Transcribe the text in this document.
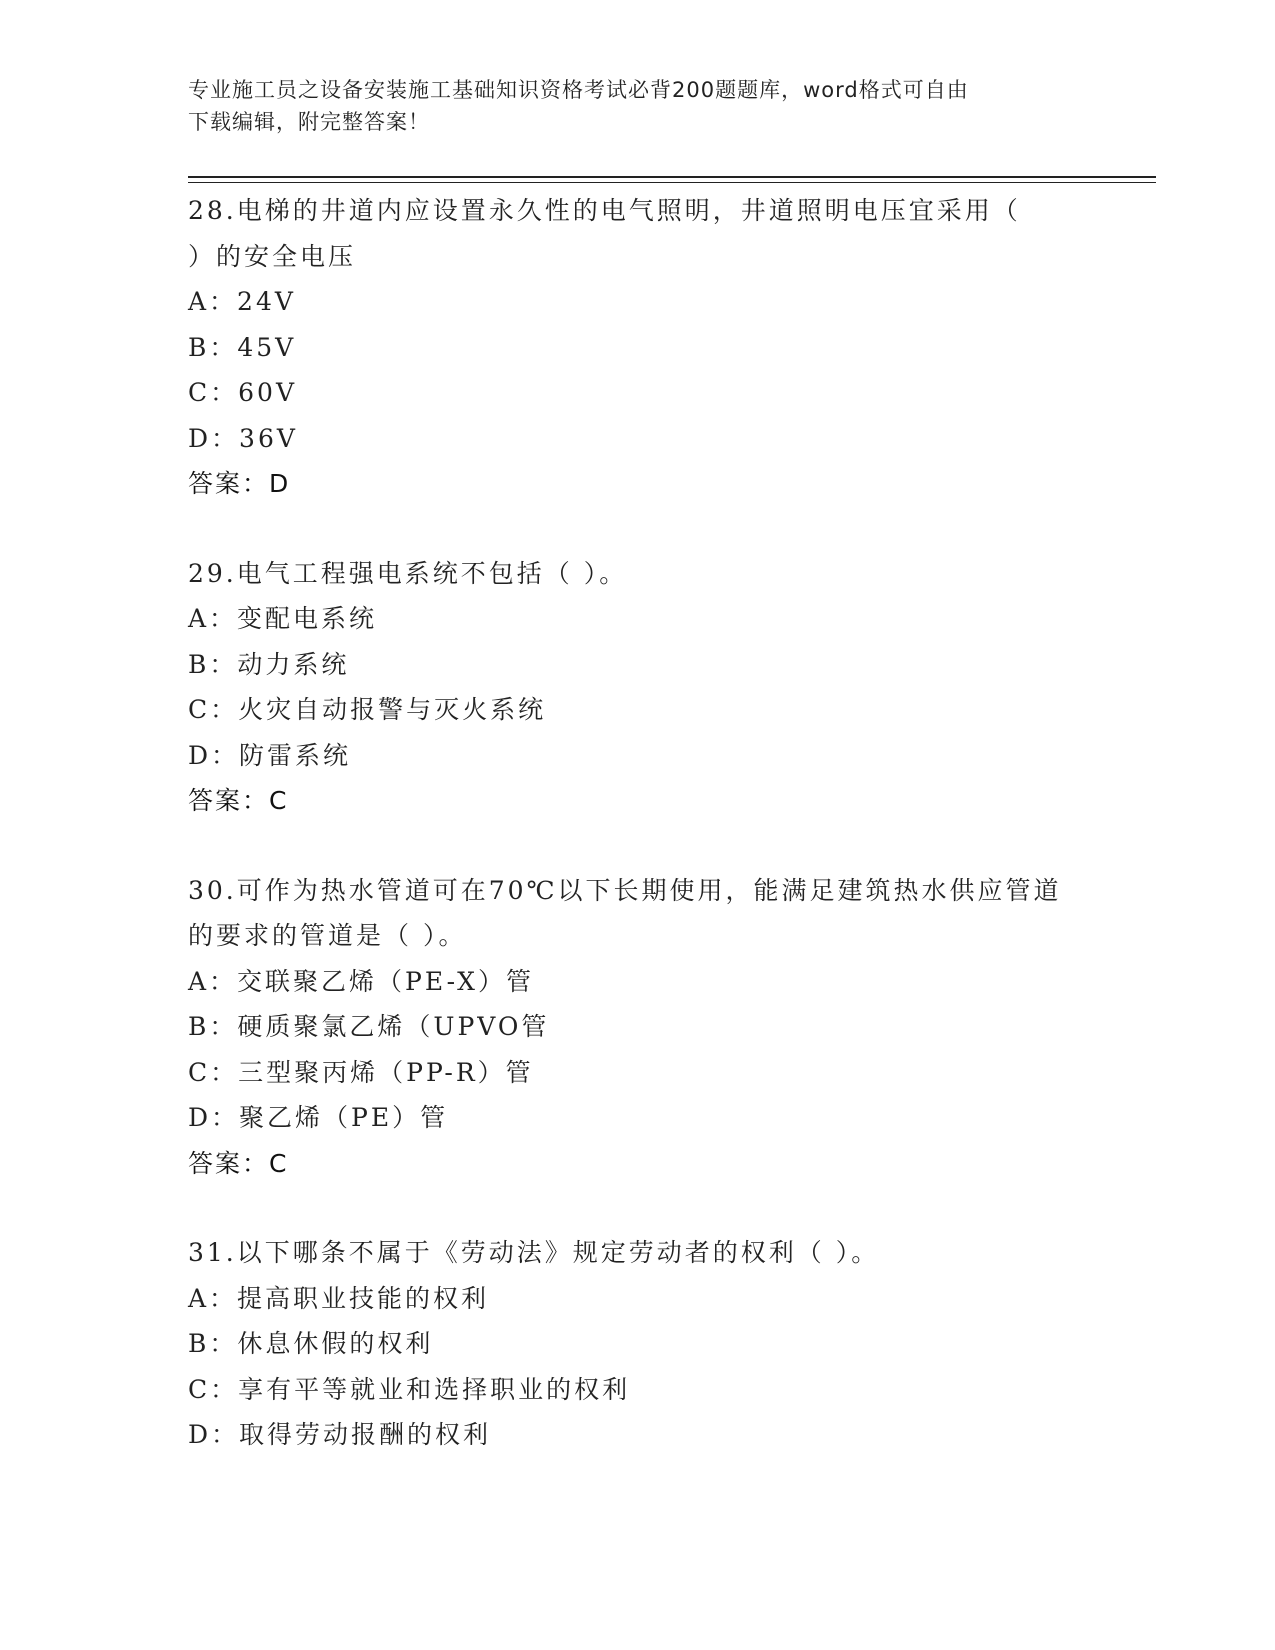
专业施工员之设备安装施工基础知识资格考试必背200题题库，word格式可自由
下载编辑，附完整答案！

28.电梯的井道内应设置永久性的电气照明，井道照明电压宜采用（

）的安全电压

A：24V

B：45V

C：60V

D：36V

答案：D

29.电气工程强电系统不包括（ ）。

A：变配电系统

B：动力系统

C：火灾自动报警与灭火系统

D：防雷系统

答案：C

30.可作为热水管道可在70℃以下长期使用，能满足建筑热水供应管道

的要求的管道是（ ）。

A：交联聚乙烯（PE-X）管

B：硬质聚氯乙烯（UPVO管

C：三型聚丙烯（PP-R）管

D：聚乙烯（PE）管

答案：C

31.以下哪条不属于《劳动法》规定劳动者的权利（ ）。

A：提高职业技能的权利

B：休息休假的权利

C：享有平等就业和选择职业的权利

D：取得劳动报酬的权利
